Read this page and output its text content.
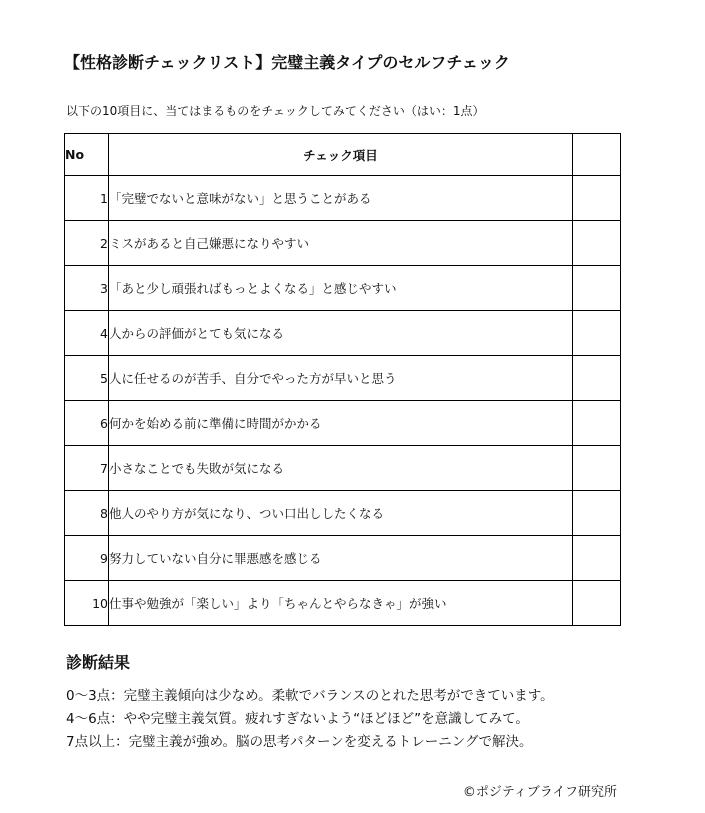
【性格診断チェックリスト】完璧主義タイプのセルフチェック
以下の10項目に、当てはまるものをチェックしてみてください（はい：1点）
No	チェック項目	
1	「完璧でないと意味がない」と思うことがある	
2	ミスがあると自己嫌悪になりやすい	
3	「あと少し頑張ればもっとよくなる」と感じやすい	
4	人からの評価がとても気になる	
5	人に任せるのが苦手、自分でやった方が早いと思う	
6	何かを始める前に準備に時間がかかる	
7	小さなことでも失敗が気になる	
8	他人のやり方が気になり、つい口出ししたくなる	
9	努力していない自分に罪悪感を感じる	
10	仕事や勉強が「楽しい」より「ちゃんとやらなきゃ」が強い	
診断結果
0〜3点：完璧主義傾向は少なめ。柔軟でバランスのとれた思考ができています。
4〜6点：やや完璧主義気質。疲れすぎないよう“ほどほど”を意識してみて。
7点以上：完璧主義が強め。脳の思考パターンを変えるトレーニングで解決。
©ポジティブライフ研究所
